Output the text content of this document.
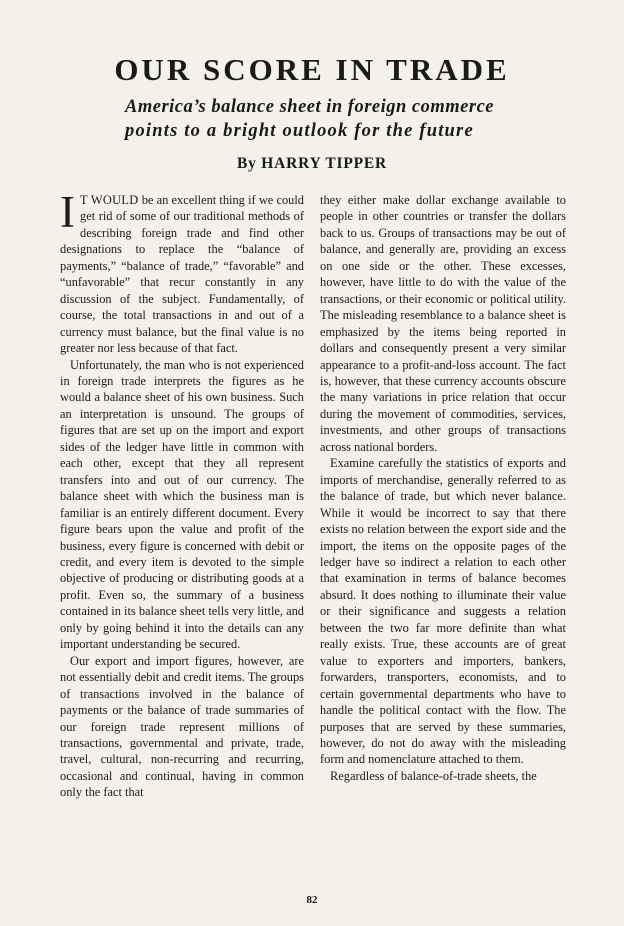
OUR SCORE IN TRADE
America’s balance sheet in foreign commerce
points to a bright outlook for the future
By HARRY TIPPER

I T WOULD be an excellent thing if we could get rid of some of our traditional methods of describing foreign trade and find other designations to replace the “balance of payments,” “balance of trade,” “favorable” and “unfavorable” that recur constantly in any discussion of the subject. Fundamentally, of course, the total transactions in and out of a currency must balance, but the final value is no greater nor less because of that fact.

Unfortunately, the man who is not experienced in foreign trade interprets the figures as he would a balance sheet of his own business. Such an interpretation is unsound. The groups of figures that are set up on the import and export sides of the ledger have little in common with each other, except that they all represent transfers into and out of our currency. The balance sheet with which the business man is familiar is an entirely different document. Every figure bears upon the value and profit of the business, every figure is concerned with debit or credit, and every item is devoted to the simple objective of producing or distributing goods at a profit. Even so, the summary of a business contained in its balance sheet tells very little, and only by going behind it into the details can any important understanding be secured.

Our export and import figures, however, are not essentially debit and credit items. The groups of transactions involved in the balance of payments or the balance of trade summaries of our foreign trade represent millions of transactions, governmental and private, trade, travel, cultural, non-recurring and recurring, occasional and continual, having in common only the fact that

they either make dollar exchange available to people in other countries or transfer the dollars back to us. Groups of transactions may be out of balance, and generally are, providing an excess on one side or the other. These excesses, however, have little to do with the value of the transactions, or their economic or political utility. The misleading resemblance to a balance sheet is emphasized by the items being reported in dollars and consequently present a very similar appearance to a profit-and-loss account. The fact is, however, that these currency accounts obscure the many variations in price relation that occur during the movement of commodities, services, investments, and other groups of transactions across national borders.

Examine carefully the statistics of exports and imports of merchandise, generally referred to as the balance of trade, but which never balance. While it would be incorrect to say that there exists no relation between the export side and the import, the items on the opposite pages of the ledger have so indirect a relation to each other that examination in terms of balance becomes absurd. It does nothing to illuminate their value or their significance and suggests a relation between the two far more definite than what really exists. True, these accounts are of great value to exporters and importers, bankers, forwarders, transporters, economists, and to certain governmental departments who have to handle the political contact with the flow. The purposes that are served by these summaries, however, do not do away with the misleading form and nomenclature attached to them.

Regardless of balance-of-trade sheets, the

82
